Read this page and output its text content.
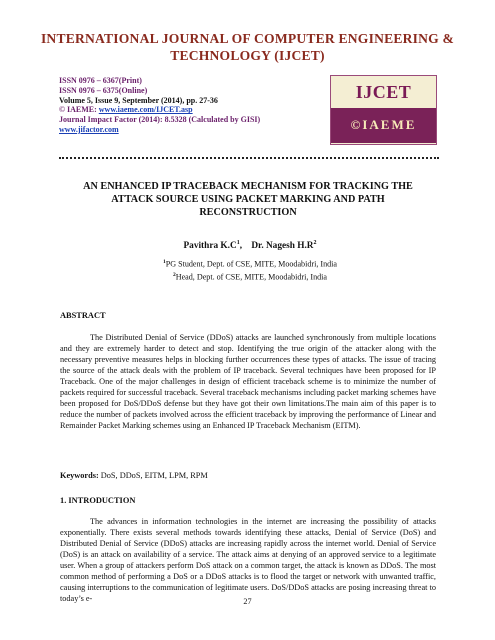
INTERNATIONAL JOURNAL OF COMPUTER ENGINEERING &
TECHNOLOGY (IJCET)
ISSN 0976 – 6367(Print)
ISSN 0976 – 6375(Online)
Volume 5, Issue 9, September (2014), pp. 27-36
© IAEME: www.iaeme.com/IJCET.asp
Journal Impact Factor (2014): 8.5328 (Calculated by GISI)
www.jifactor.com
IJCET
©IAEME
AN ENHANCED IP TRACEBACK MECHANISM FOR TRACKING THE
ATTACK SOURCE USING PACKET MARKING AND PATH
RECONSTRUCTION
Pavithra $K.C^1$,    Dr. Nagesh $H.R^2$
$^1$PG Student, Dept. of CSE, MITE, Moodabidri, India
$^2$Head, Dept. of CSE, MITE, Moodabidri, India
ABSTRACT
The Distributed Denial of Service (DDoS) attacks are launched synchronously from multiple locations and they are extremely harder to detect and stop. Identifying the true origin of the attacker along with the necessary preventive measures helps in blocking further occurrences these types of attacks. The issue of tracing the source of the attack deals with the problem of IP traceback. Several techniques have been proposed for IP Traceback. One of the major challenges in design of efficient traceback scheme is to minimize the number of packets required for successful traceback. Several traceback mechanisms including packet marking schemes have been proposed for DoS/DDoS defense but they have got their own limitations.The main aim of this paper is to reduce the number of packets involved across the efficient traceback by improving the performance of Linear and Remainder Packet Marking schemes using an Enhanced IP Traceback Mechanism (EITM).
Keywords: DoS, DDoS, EITM, LPM, RPM
1. INTRODUCTION
The advances in information technologies in the internet are increasing the possibility of attacks exponentially. There exists several methods towards identifying these attacks, Denial of Service (DoS) and Distributed Denial of Service (DDoS) attacks are increasing rapidly across the internet world. Denial of Service (DoS) is an attack on availability of a service. The attack aims at denying of an approved service to a legitimate user. When a group of attackers perform DoS attack on a common target, the attack is known as DDoS. The most common method of performing a DoS or a DDoS attacks is to flood the target or network with unwanted traffic, causing interruptions to the communication of legitimate users. DoS/DDoS attacks are posing increasing threat to today’s e-	27
